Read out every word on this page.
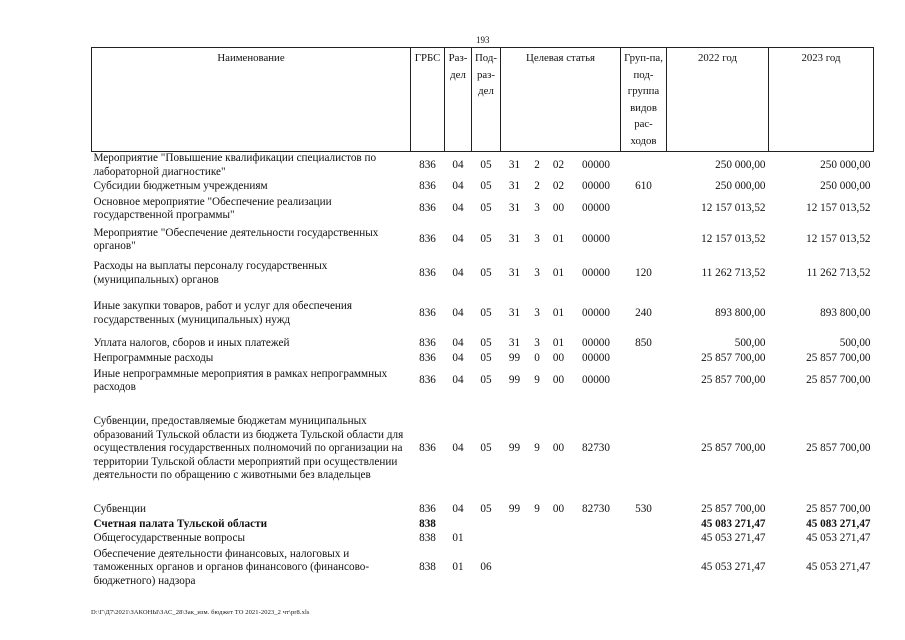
193
Наименование	ГРБС	Раз-дел	Под-раз-дел	Целевая статья				Груп-па, под-группа видов рас-ходов	2022 год	2023 год
Мероприятие "Повышение квалификации специалистов по лабораторной диагностике"	836	04	05	31	2	02	00000		250 000,00	250 000,00
Субсидии бюджетным учреждениям	836	04	05	31	2	02	00000	610	250 000,00	250 000,00
Основное мероприятие "Обеспечение реализации государственной программы"	836	04	05	31	3	00	00000		12 157 013,52	12 157 013,52
Мероприятие "Обеспечение деятельности государственных органов"	836	04	05	31	3	01	00000		12 157 013,52	12 157 013,52
Расходы на выплаты персоналу государственных (муниципальных) органов	836	04	05	31	3	01	00000	120	11 262 713,52	11 262 713,52
Иные закупки товаров, работ и услуг для обеспечения государственных (муниципальных) нужд	836	04	05	31	3	01	00000	240	893 800,00	893 800,00
Уплата налогов, сборов и иных платежей	836	04	05	31	3	01	00000	850	500,00	500,00
Непрограммные расходы	836	04	05	99	0	00	00000		25 857 700,00	25 857 700,00
Иные непрограммные мероприятия в рамках непрограммных расходов	836	04	05	99	9	00	00000		25 857 700,00	25 857 700,00
Субвенции, предоставляемые бюджетам муниципальных образований Тульской области из бюджета Тульской области для осуществления государственных полномочий по организации на территории Тульской области мероприятий при осуществлении деятельности по обращению с животными без владельцев	836	04	05	99	9	00	82730		25 857 700,00	25 857 700,00
Субвенции	836	04	05	99	9	00	82730	530	25 857 700,00	25 857 700,00
Счетная палата Тульской области	838								45 083 271,47	45 083 271,47
Общегосударственные вопросы	838	01							45 053 271,47	45 053 271,47
Обеспечение деятельности финансовых, налоговых и таможенных органов и органов финансового (финансово-бюджетного) надзора	838	01	06						45 053 271,47	45 053 271,47
D:\Г\Д7\2021\ЗАКОНЫ\ЗАС_28\Зак_изм. бюджет ТО 2021-2023_2 чт\pr8.xls
